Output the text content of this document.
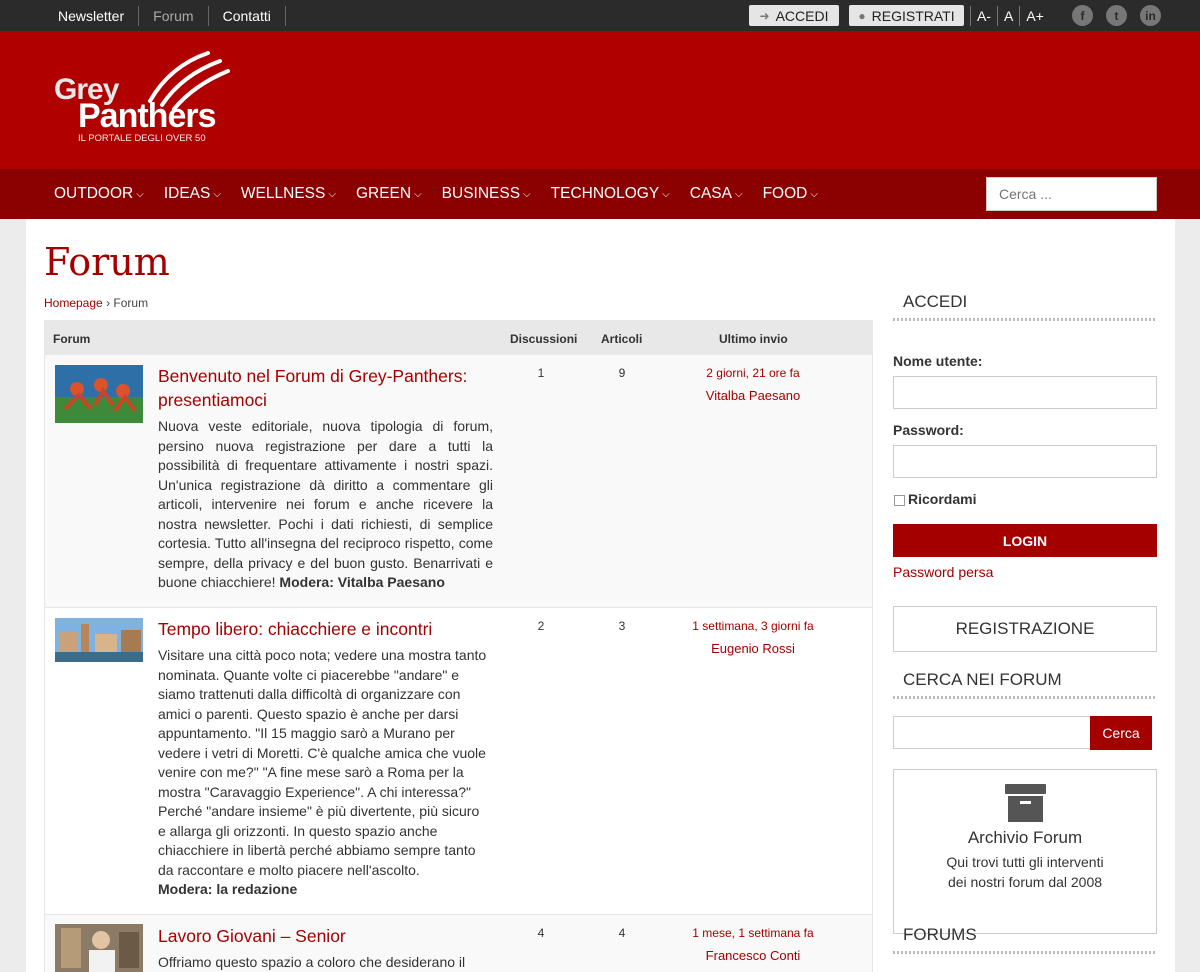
Newsletter	Forum	Contatti	➜ ACCEDI ● REGISTRATI	A- A A+	f	t	in
Grey
Panthers
IL PORTALE DEGLI OVER 50
OUTDOOR ⌵ IDEAS ⌵ WELLNESS ⌵ GREEN ⌵ BUSINESS ⌵ TECHNOLOGY ⌵ CASA ⌵ FOOD ⌵
Cerca ...
Forum
Homepage › Forum
Forum	Discussioni Articoli	Ultimo invio
Benvenuto nel Forum di Grey-Panthers: presentiamoci
Nuova veste editoriale, nuova tipologia di forum, persino nuova registrazione per dare a tutti la possibilità di frequentare attivamente i nostri spazi. Un'unica registrazione dà diritto a commentare gli articoli, intervenire nei forum e anche ricevere la nostra newsletter. Pochi i dati richiesti, di semplice cortesia. Tutto all'insegna del reciproco rispetto, come sempre, della privacy e del buon gusto. Benarrivati e buone chiacchiere! Modera: Vitalba Paesano
1	9	2 giorni, 21 ore fa
Vitalba Paesano
Tempo libero: chiacchiere e incontri
Visitare una città poco nota; vedere una mostra tanto nominata. Quante volte ci piacerebbe "andare" e siamo trattenuti dalla difficoltà di organizzare con amici o parenti. Questo spazio è anche per darsi appuntamento. "Il 15 maggio sarò a Murano per vedere i vetri di Moretti. C'è qualche amica che vuole venire con me?" "A fine mese sarò a Roma per la mostra "Caravaggio Experience". A chi interessa?" Perché "andare insieme" è più divertente, più sicuro e allarga gli orizzonti. In questo spazio anche chiacchiere in libertà perché abbiamo sempre tanto da raccontare e molto piacere nell'ascolto.
Modera: la redazione
2	3	1 settimana, 3 giorni fa
Eugenio Rossi
Lavoro Giovani – Senior
Offriamo questo spazio a coloro che desiderano il
4	4	1 mese, 1 settimana fa
Francesco Conti
ACCEDI
Nome utente:
Password:
Ricordami
LOGIN
Password persa
REGISTRAZIONE
CERCA NEI FORUM
Cerca
Archivio Forum
Qui trovi tutti gli interventi
dei nostri forum dal 2008
FORUMS
